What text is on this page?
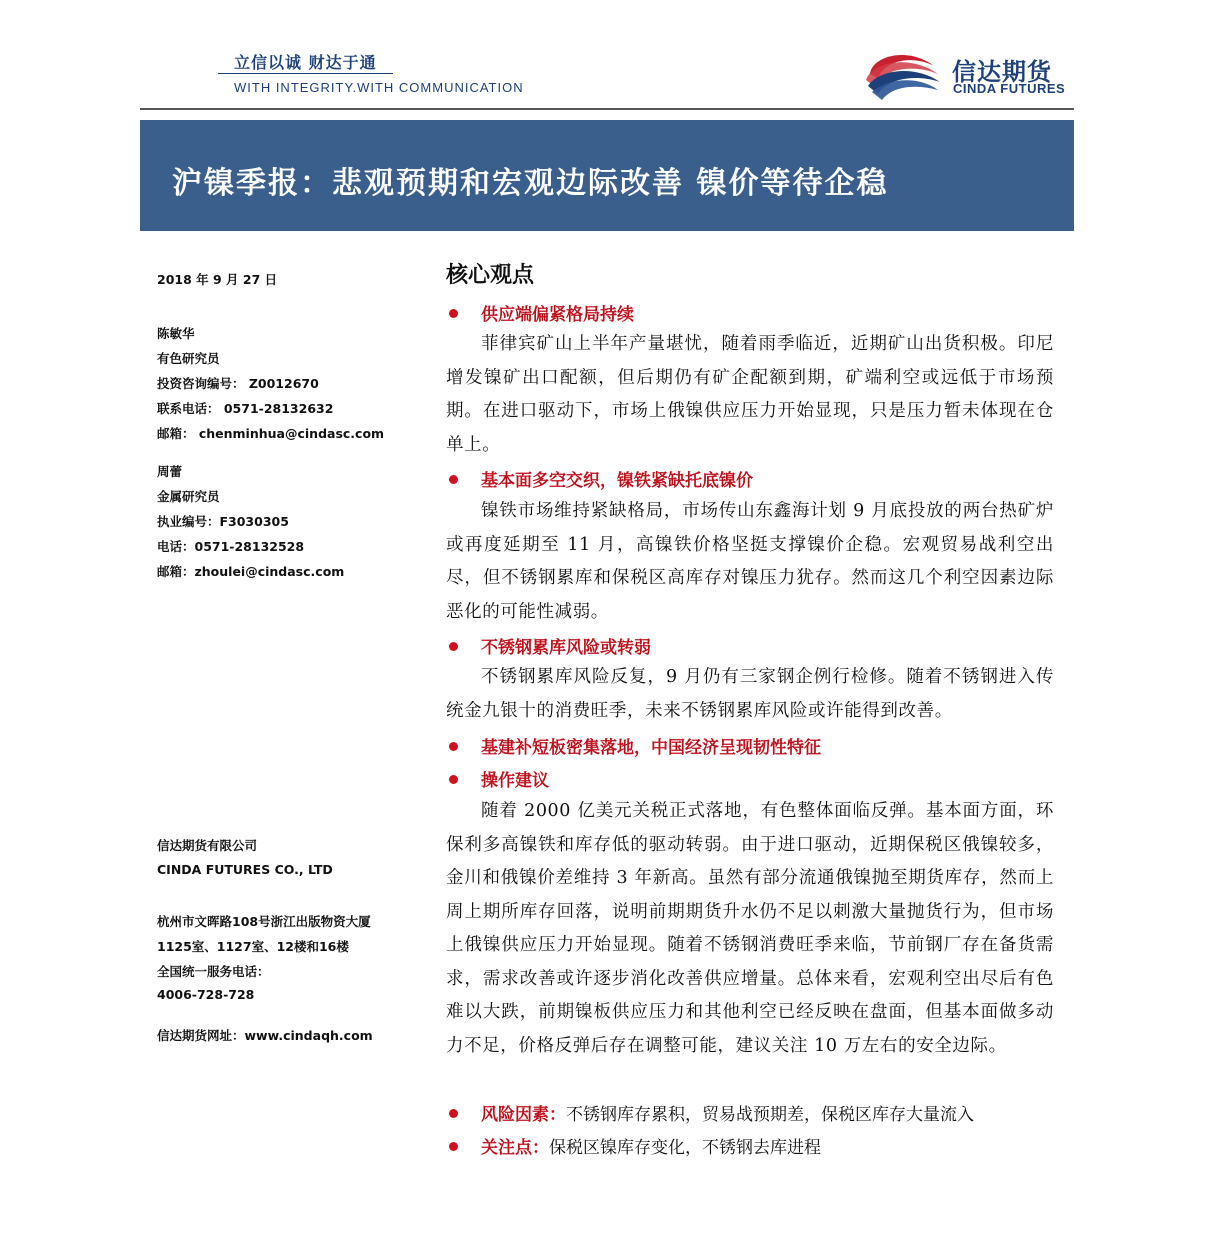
立信以诚 财达于通
WITH INTEGRITY.WITH COMMUNICATION
信达期货
CINDA FUTURES
沪镍季报：悲观预期和宏观边际改善 镍价等待企稳
2018 年 9 月 27 日
陈敏华
有色研究员
投资咨询编号： Z0012670
联系电话： 0571-28132632
邮箱： chenminhua@cindasc.com
周蕾
金属研究员
执业编号：F3030305
电话：0571-28132528
邮箱：zhoulei@cindasc.com
信达期货有限公司
CINDA FUTURES CO., LTD
杭州市文晖路108号浙江出版物资大厦
1125室、1127室、12楼和16楼
全国统一服务电话：
4006-728-728
信达期货网址：www.cindaqh.com
核心观点
供应端偏紧格局持续
菲律宾矿山上半年产量堪忧，随着雨季临近，近期矿山出货积极。印尼增发镍矿出口配额，但后期仍有矿企配额到期，矿端利空或远低于市场预期。在进口驱动下，市场上俄镍供应压力开始显现，只是压力暂未体现在仓单上。
基本面多空交织，镍铁紧缺托底镍价
镍铁市场维持紧缺格局，市场传山东鑫海计划 9 月底投放的两台热矿炉或再度延期至 11 月，高镍铁价格坚挺支撑镍价企稳。宏观贸易战利空出尽，但不锈钢累库和保税区高库存对镍压力犹存。然而这几个利空因素边际恶化的可能性减弱。
不锈钢累库风险或转弱
不锈钢累库风险反复，9 月仍有三家钢企例行检修。随着不锈钢进入传统金九银十的消费旺季，未来不锈钢累库风险或许能得到改善。
基建补短板密集落地，中国经济呈现韧性特征
操作建议
随着 2000 亿美元关税正式落地，有色整体面临反弹。基本面方面，环保利多高镍铁和库存低的驱动转弱。由于进口驱动，近期保税区俄镍较多，金川和俄镍价差维持 3 年新高。虽然有部分流通俄镍抛至期货库存，然而上周上期所库存回落，说明前期期货升水仍不足以刺激大量抛货行为，但市场上俄镍供应压力开始显现。随着不锈钢消费旺季来临，节前钢厂存在备货需求，需求改善或许逐步消化改善供应增量。总体来看，宏观利空出尽后有色难以大跌，前期镍板供应压力和其他利空已经反映在盘面，但基本面做多动力不足，价格反弹后存在调整可能，建议关注 10 万左右的安全边际。
风险因素：不锈钢库存累积，贸易战预期差，保税区库存大量流入
关注点：保税区镍库存变化，不锈钢去库进程
